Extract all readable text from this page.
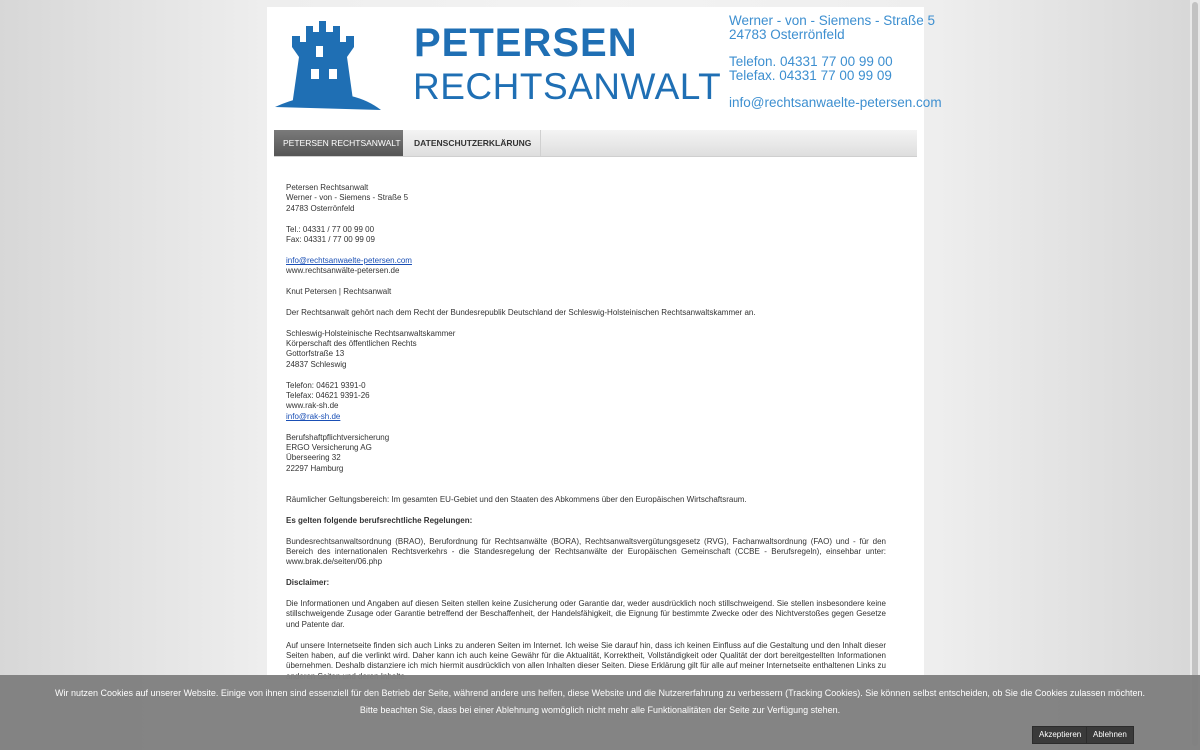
PETERSEN
RECHTSANWALT
Werner - von - Siemens - Straße 5
24783 Osterrönfeld
Telefon. 04331 77 00 99 00
Telefax. 04331 77 00 99 09
info@rechtsanwaelte-petersen.com
PETERSEN RECHTSANWALT	DATENSCHUTZERKLÄRUNG

Petersen Rechtsanwalt
Werner - von - Siemens - Straße 5
24783 Osterrönfeld

Tel.: 04331 / 77 00 99 00
Fax: 04331 / 77 00 99 09

info@rechtsanwaelte-petersen.com
www.rechtsanwälte-petersen.de

Knut Petersen | Rechtsanwalt

Der Rechtsanwalt gehört nach dem Recht der Bundesrepublik Deutschland der Schleswig-Holsteinischen Rechtsanwaltskammer an.

Schleswig-Holsteinische Rechtsanwaltskammer
Körperschaft des öffentlichen Rechts
Gottorfstraße 13
24837 Schleswig

Telefon: 04621 9391-0
Telefax: 04621 9391-26
www.rak-sh.de
info@rak-sh.de

Berufshaftpflichtversicherung
ERGO Versicherung AG
Überseering 32
22297 Hamburg

Räumlicher Geltungsbereich: Im gesamten EU-Gebiet und den Staaten des Abkommens über den Europäischen Wirtschaftsraum.

Es gelten folgende berufsrechtliche Regelungen:

Bundesrechtsanwaltsordnung (BRAO), Berufordnung für Rechtsanwälte (BORA), Rechtsanwaltsvergütungsgesetz (RVG), Fachanwaltsordnung (FAO) und - für den Bereich des internationalen Rechtsverkehrs - die Standesregelung der Rechtsanwälte der Europäischen Gemeinschaft (CCBE - Berufsregeln), einsehbar unter: www.brak.de/seiten/06.php

Disclaimer:

Die Informationen und Angaben auf diesen Seiten stellen keine Zusicherung oder Garantie dar, weder ausdrücklich noch stillschweigend. Sie stellen insbesondere keine stillschweigende Zusage oder Garantie betreffend der Beschaffenheit, der Handelsfähigkeit, die Eignung für bestimmte Zwecke oder des Nichtverstoßes gegen Gesetze und Patente dar.

Auf unsere Internetseite finden sich auch Links zu anderen Seiten im Internet. Ich weise Sie darauf hin, dass ich keinen Einfluss auf die Gestaltung und den Inhalt dieser Seiten haben, auf die verlinkt wird. Daher kann ich auch keine Gewähr für die Aktualität, Korrektheit, Vollständigkeit oder Qualität der dort bereitgestellten Informationen übernehmen. Deshalb distanziere ich mich hiermit ausdrücklich von allen Inhalten dieser Seiten. Diese Erklärung gilt für alle auf meiner Internetseite enthaltenen Links zu

Wir nutzen Cookies auf unserer Website. Einige von ihnen sind essenziell für den Betrieb der Seite, während andere uns helfen, diese Website und die Nutzererfahrung zu verbessern (Tracking Cookies). Sie können selbst entscheiden, ob Sie die Cookies zulassen möchten.
Bitte beachten Sie, dass bei einer Ablehnung womöglich nicht mehr alle Funktionalitäten der Seite zur Verfügung stehen.
Akzeptieren	Ablehnen
